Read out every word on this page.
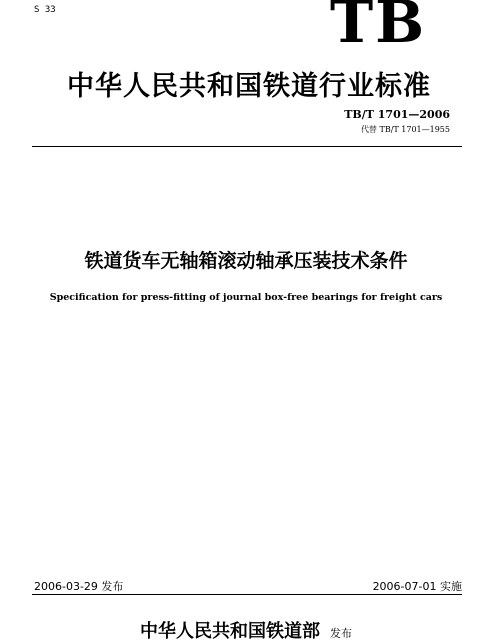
S 33	TB
中华人民共和国铁道行业标准
TB/T 1701—2006
代替 TB/T 1701—1955
铁道货车无轴箱滚动轴承压装技术条件
Specification for press-fitting of journal box-free bearings for freight cars
2006-03-29 发布	2006-07-01 实施
中华人民共和国铁道部 发布
